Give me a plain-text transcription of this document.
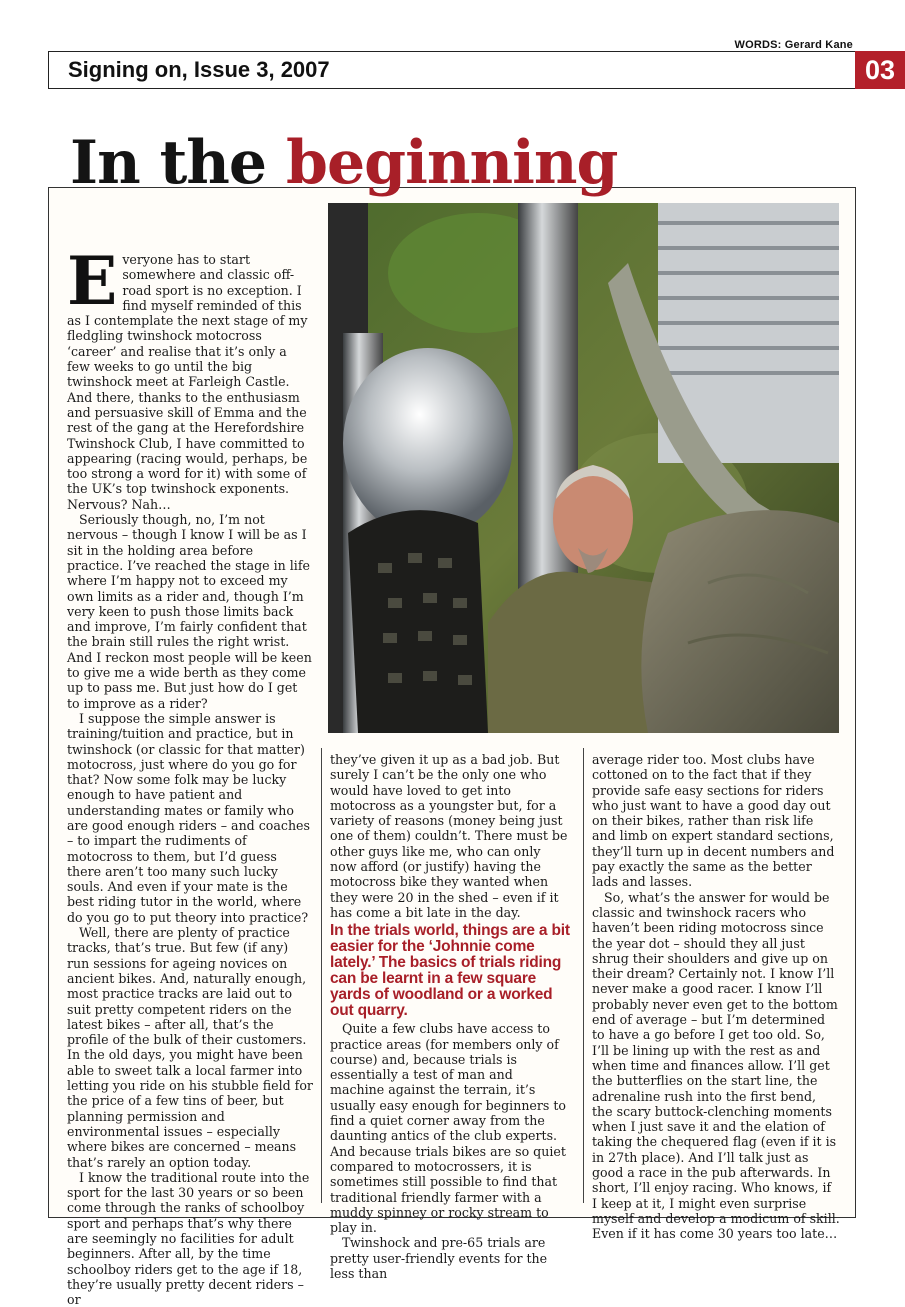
WORDS: Gerard Kane
Signing on, Issue 3, 2007	03
In the beginning
E veryone has to start somewhere and classic off-road sport is no exception. I find myself reminded of this as I contemplate the next stage of my fledgling twinshock motocross ‘career’ and realise that it’s only a few weeks to go until the big twinshock meet at Farleigh Castle. And there, thanks to the enthusiasm and persuasive skill of Emma and the rest of the gang at the Herefordshire Twinshock Club, I have committed to appearing (racing would, perhaps, be too strong a word for it) with some of the UK’s top twinshock exponents. Nervous? Nah…

Seriously though, no, I’m not nervous – though I know I will be as I sit in the holding area before practice. I’ve reached the stage in life where I’m happy not to exceed my own limits as a rider and, though I’m very keen to push those limits back and improve, I’m fairly confident that the brain still rules the right wrist. And I reckon most people will be keen to give me a wide berth as they come up to pass me. But just how do I get to improve as a rider?

I suppose the simple answer is training/tuition and practice, but in twinshock (or classic for that matter) motocross, just where do you go for that? Now some folk may be lucky enough to have patient and understanding mates or family who are good enough riders – and coaches – to impart the rudiments of motocross to them, but I’d guess there aren’t too many such lucky souls. And even if your mate is the best riding tutor in the world, where do you go to put theory into practice?

Well, there are plenty of practice tracks, that’s true. But few (if any) run sessions for ageing novices on ancient bikes. And, naturally enough, most practice tracks are laid out to suit pretty competent riders on the latest bikes – after all, that’s the profile of the bulk of their customers. In the old days, you might have been able to sweet talk a local farmer into letting you ride on his stubble field for the price of a few tins of beer, but planning permission and environmental issues – especially where bikes are concerned – means that’s rarely an option today.

I know the traditional route into the sport for the last 30 years or so been come through the ranks of schoolboy sport and perhaps that’s why there are seemingly no facilities for adult beginners. After all, by the time schoolboy riders get to the age if 18, they’re usually pretty decent riders – or

they’ve given it up as a bad job. But surely I can’t be the only one who would have loved to get into motocross as a youngster but, for a variety of reasons (money being just one of them) couldn’t. There must be other guys like me, who can only now afford (or justify) having the motocross bike they wanted when they were 20 in the shed – even if it has come a bit late in the day.

In the trials world, things are a bit easier for the ‘Johnnie come lately.’ The basics of trials riding can be learnt in a few square yards of woodland or a worked out quarry.

Quite a few clubs have access to practice areas (for members only of course) and, because trials is essentially a test of man and machine against the terrain, it’s usually easy enough for beginners to find a quiet corner away from the daunting antics of the club experts. And because trials bikes are so quiet compared to motocrossers, it is sometimes still possible to find that traditional friendly farmer with a muddy spinney or rocky stream to play in.

Twinshock and pre-65 trials are pretty user-friendly events for the less than

average rider too. Most clubs have cottoned on to the fact that if they provide safe easy sections for riders who just want to have a good day out on their bikes, rather than risk life and limb on expert standard sections, they’ll turn up in decent numbers and pay exactly the same as the better lads and lasses.

So, what’s the answer for would be classic and twinshock racers who haven’t been riding motocross since the year dot – should they all just shrug their shoulders and give up on their dream? Certainly not. I know I’ll never make a good racer. I know I’ll probably never even get to the bottom end of average – but I’m determined to have a go before I get too old. So, I’ll be lining up with the rest as and when time and finances allow. I’ll get the butterflies on the start line, the adrenaline rush into the first bend, the scary buttock-clenching moments when I just save it and the elation of taking the chequered flag (even if it is in 27th place). And I’ll talk just as good a race in the pub afterwards. In short, I’ll enjoy racing. Who knows, if I keep at it, I might even surprise myself and develop a modicum of skill. Even if it has come 30 years too late…
